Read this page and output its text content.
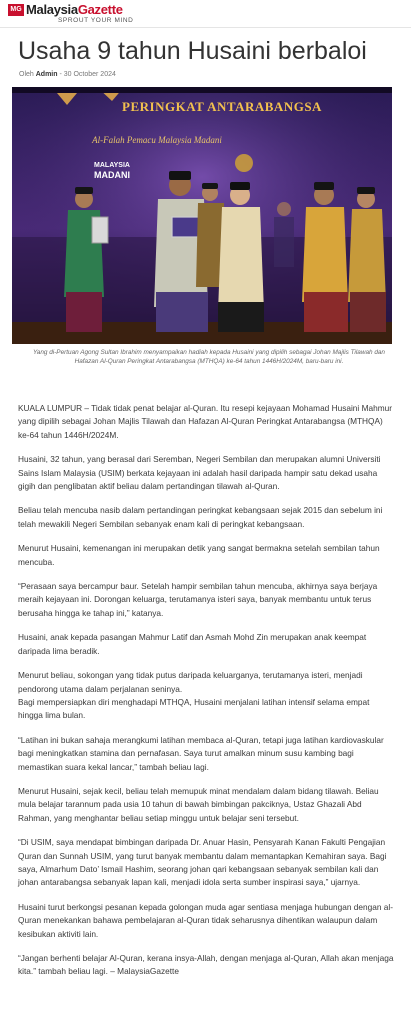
MG MalaysiaGazette
SPROUT YOUR MIND
Usaha 9 tahun Husaini berbaloi
Oleh Admin - 30 October 2024
PERINGKAT ANTARABANGSA
Al-Falah Pemacu Malaysia Madani
MALAYSIA
MADANI
Yang di-Pertuan Agong Sultan Ibrahim menyampaikan hadiah kepada Husaini yang dipilih sebagai Johan Majlis Tilawah dan Hafazan Al-Quran Peringkat Antarabangsa (MTHQA) ke-64 tahun 1446H/2024M, baru-baru ini.

KUALA LUMPUR – Tidak tidak penat belajar al-Quran. Itu resepi kejayaan Mohamad Husaini Mahmur yang dipilih sebagai Johan Majlis Tilawah dan Hafazan Al-Quran Peringkat Antarabangsa (MTHQA) ke-64 tahun 1446H/2024M.

Husaini, 32 tahun, yang berasal dari Seremban, Negeri Sembilan dan merupakan alumni Universiti Sains Islam Malaysia (USIM) berkata kejayaan ini adalah hasil daripada hampir satu dekad usaha gigih dan penglibatan aktif beliau dalam pertandingan tilawah al-Quran.

Beliau telah mencuba nasib dalam pertandingan peringkat kebangsaan sejak 2015 dan sebelum ini telah mewakili Negeri Sembilan sebanyak enam kali di peringkat kebangsaan.

Menurut Husaini, kemenangan ini merupakan detik yang sangat bermakna setelah sembilan tahun mencuba.

“Perasaan saya bercampur baur. Setelah hampir sembilan tahun mencuba, akhirnya saya berjaya meraih kejayaan ini. Dorongan keluarga, terutamanya isteri saya, banyak membantu untuk terus berusaha hingga ke tahap ini,” katanya.

Husaini, anak kepada pasangan Mahmur Latif dan Asmah Mohd Zin merupakan anak keempat daripada lima beradik.

Menurut beliau, sokongan yang tidak putus daripada keluarganya, terutamanya isteri, menjadi pendorong utama dalam perjalanan seninya.
Bagi mempersiapkan diri menghadapi MTHQA, Husaini menjalani latihan intensif selama empat hingga lima bulan.

“Latihan ini bukan sahaja merangkumi latihan membaca al-Quran, tetapi juga latihan kardiovaskular bagi meningkatkan stamina dan pernafasan. Saya turut amalkan minum susu kambing bagi memastikan suara kekal lancar,” tambah beliau lagi.

Menurut Husaini, sejak kecil, beliau telah memupuk minat mendalam dalam bidang tilawah. Beliau mula belajar tarannum pada usia 10 tahun di bawah bimbingan pakciknya, Ustaz Ghazali Abd Rahman, yang menghantar beliau setiap minggu untuk belajar seni tersebut.

“Di USIM, saya mendapat bimbingan daripada Dr. Anuar Hasin, Pensyarah Kanan Fakulti Pengajian Quran dan Sunnah USIM, yang turut banyak membantu dalam memantapkan Kemahiran saya. Bagi saya, Almarhum Dato’ Ismail Hashim, seorang johan qari kebangsaan sebanyak sembilan kali dan johan antarabangsa sebanyak lapan kali, menjadi idola serta sumber inspirasi saya,” ujarnya.

Husaini turut berkongsi pesanan kepada golongan muda agar sentiasa menjaga hubungan dengan al-Quran menekankan bahawa pembelajaran al-Quran tidak seharusnya dihentikan walaupun dalam kesibukan aktiviti lain.

“Jangan berhenti belajar Al-Quran, kerana insya-Allah, dengan menjaga al-Quran, Allah akan menjaga kita.” tambah beliau lagi. – MalaysiaGazette
